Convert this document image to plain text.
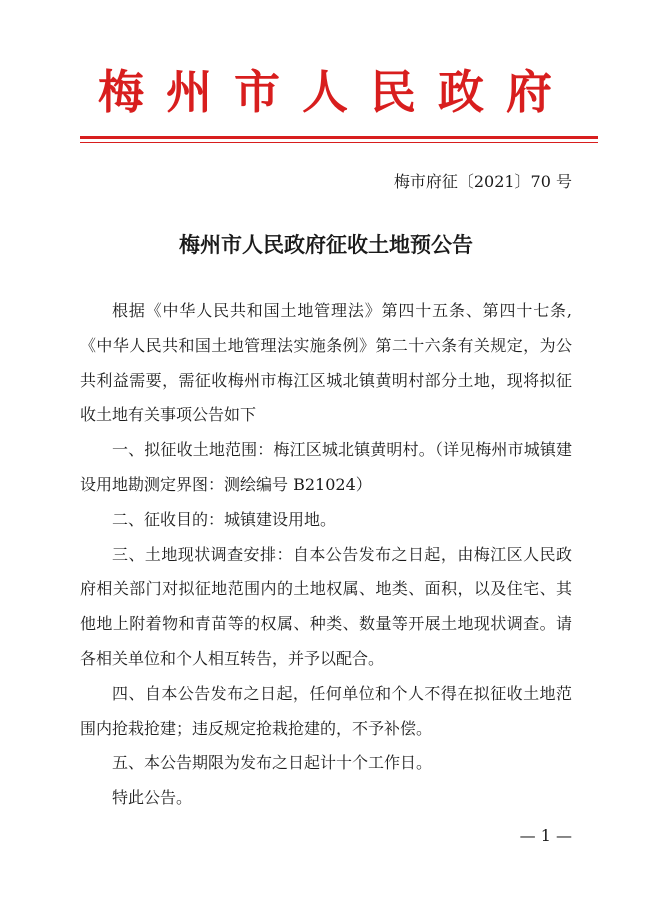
梅州市人民政府
梅市府征〔2021〕70 号
梅州市人民政府征收土地预公告

根据《中华人民共和国土地管理法》第四十五条、第四十七条,《中华人民共和国土地管理法实施条例》第二十六条有关规定，为公共利益需要，需征收梅州市梅江区城北镇黄明村部分土地，现将拟征收土地有关事项公告如下

一、拟征收土地范围：梅江区城北镇黄明村。（详见梅州市城镇建设用地勘测定界图：测绘编号 B21024）

二、征收目的：城镇建设用地。

三、土地现状调查安排：自本公告发布之日起，由梅江区人民政府相关部门对拟征地范围内的土地权属、地类、面积，以及住宅、其他地上附着物和青苗等的权属、种类、数量等开展土地现状调查。请各相关单位和个人相互转告，并予以配合。

四、自本公告发布之日起，任何单位和个人不得在拟征收土地范围内抢栽抢建；违反规定抢栽抢建的，不予补偿。

五、本公告期限为发布之日起计十个工作日。

特此公告。

— 1 —
